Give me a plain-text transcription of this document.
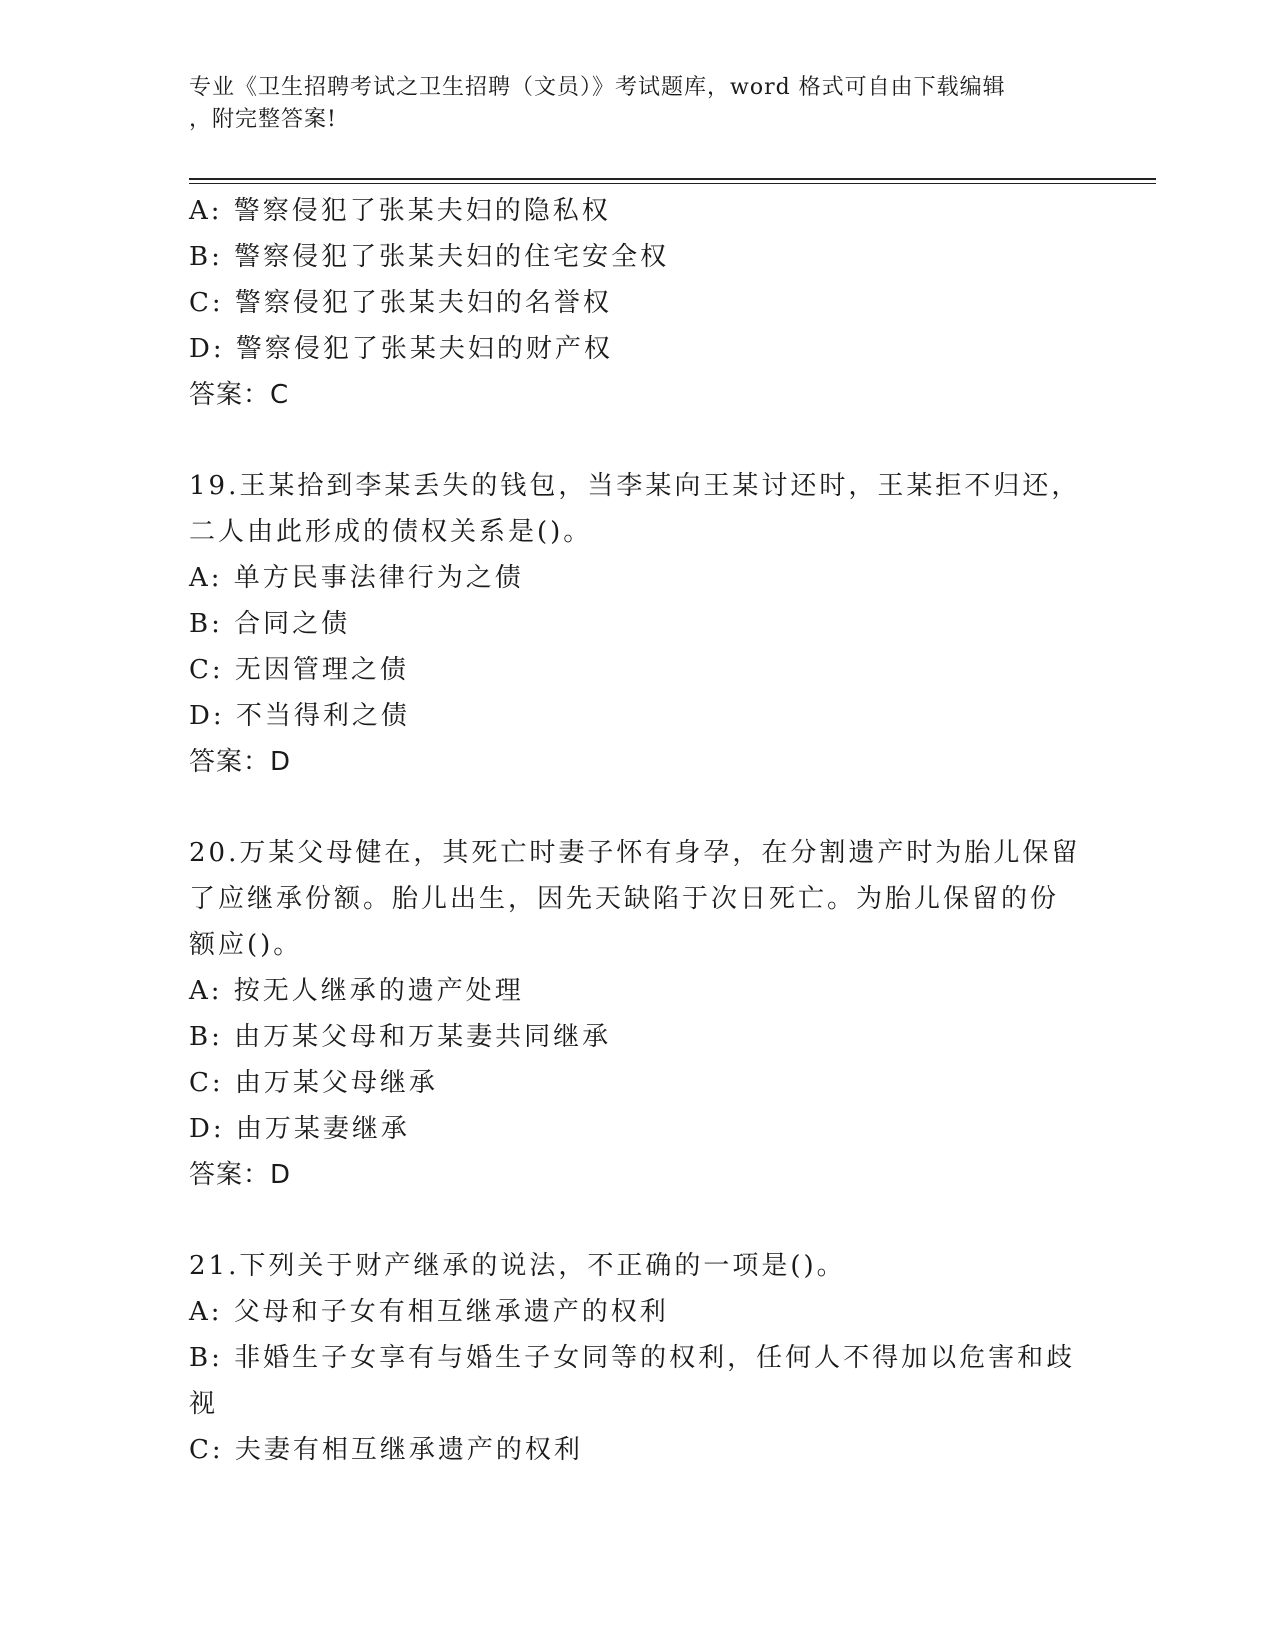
专业《卫生招聘考试之卫生招聘（文员）》考试题库，word 格式可自由下载编辑
，附完整答案!
A: 警察侵犯了张某夫妇的隐私权
B: 警察侵犯了张某夫妇的住宅安全权
C: 警察侵犯了张某夫妇的名誉权
D: 警察侵犯了张某夫妇的财产权
答案：C
19.王某拾到李某丢失的钱包，当李某向王某讨还时，王某拒不归还，
二人由此形成的债权关系是()。
A: 单方民事法律行为之债
B: 合同之债
C: 无因管理之债
D: 不当得利之债
答案：D
20.万某父母健在，其死亡时妻子怀有身孕，在分割遗产时为胎儿保留
了应继承份额。胎儿出生，因先天缺陷于次日死亡。为胎儿保留的份
额应()。
A: 按无人继承的遗产处理
B: 由万某父母和万某妻共同继承
C: 由万某父母继承
D: 由万某妻继承
答案：D
21.下列关于财产继承的说法，不正确的一项是()。
A: 父母和子女有相互继承遗产的权利
B: 非婚生子女享有与婚生子女同等的权利，任何人不得加以危害和歧
视
C: 夫妻有相互继承遗产的权利
